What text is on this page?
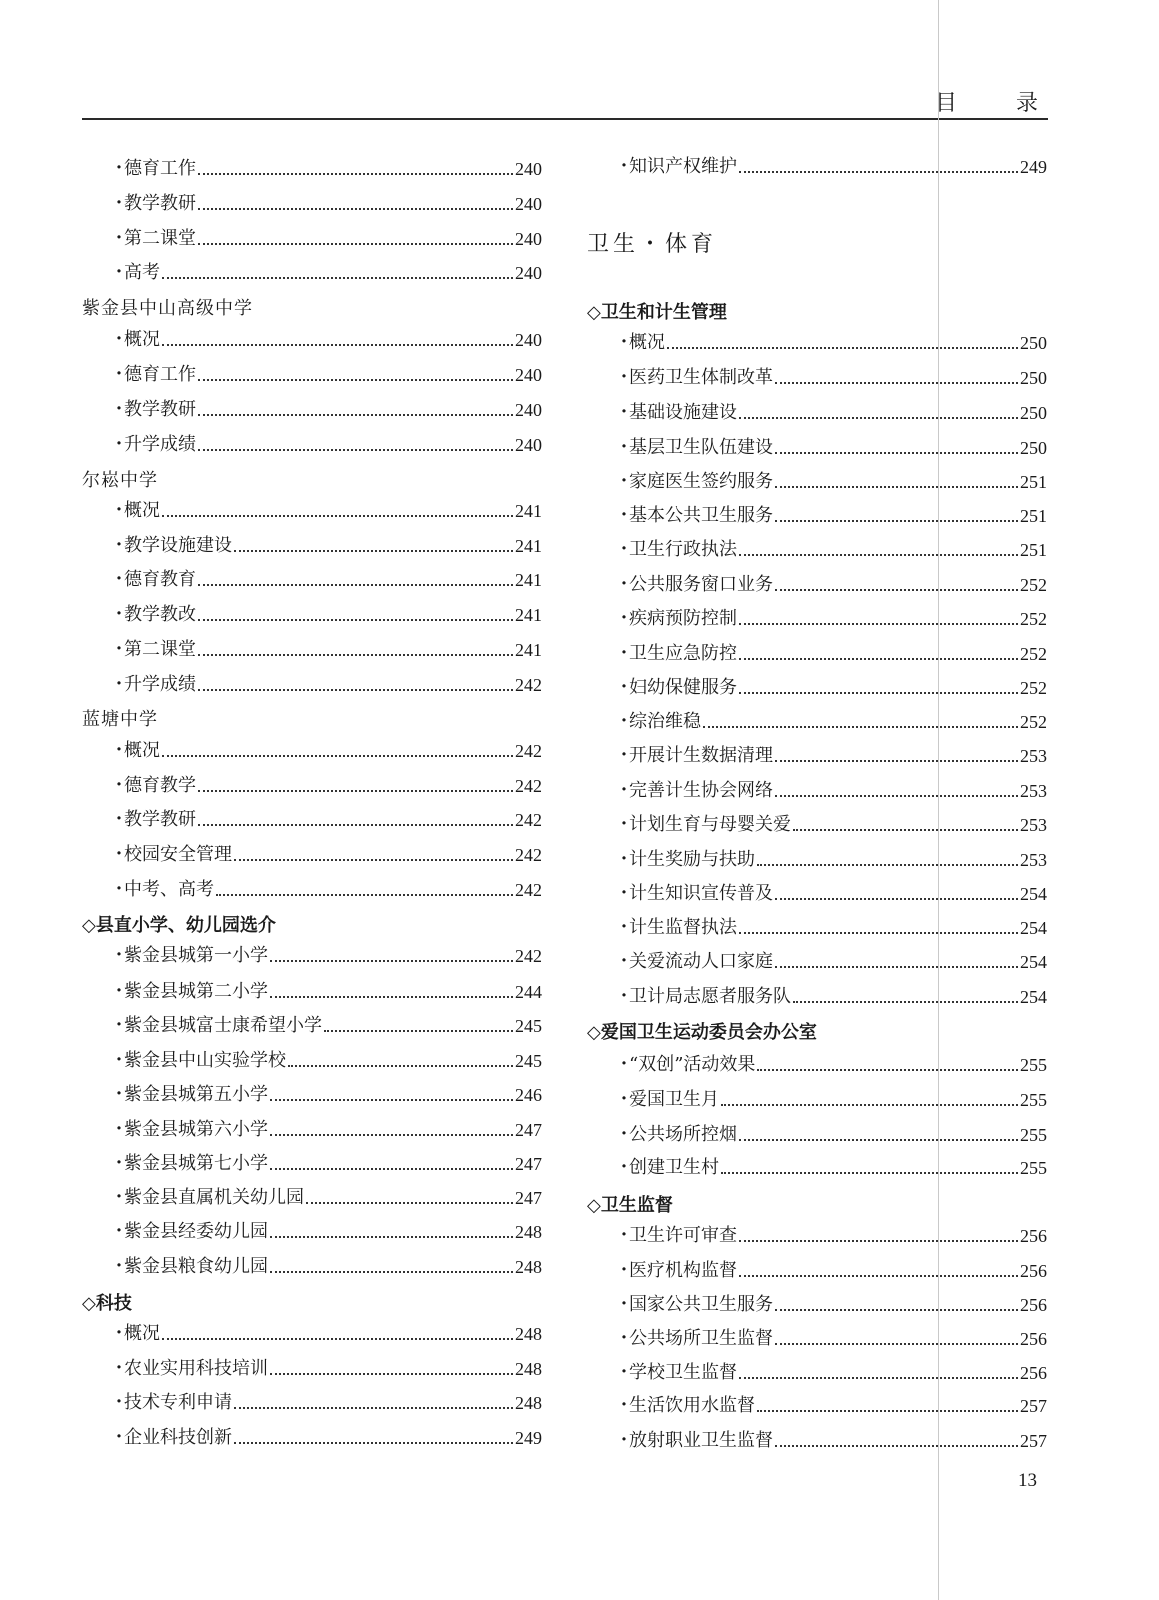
目 录
・
德育工作	240
・
教学教研	240
・
第二课堂	240
・
高考	240
紫金县中山高级中学
・
概况	240
・
德育工作	240
・
教学教研	240
・
升学成绩	240
尔崧中学
・
概况	241
・
教学设施建设	241
・
德育教育	241
・
教学教改	241
・
第二课堂	241
・
升学成绩	242
蓝塘中学
・
概况	242
・
德育教学	242
・
教学教研	242
・
校园安全管理	242
・
中考、高考	242
◇县直小学、幼儿园选介
・
紫金县城第一小学	242
・
紫金县城第二小学	244
・
紫金县城富士康希望小学	245
・
紫金县中山实验学校	245
・
紫金县城第五小学	246
・
紫金县城第六小学	247
・
紫金县城第七小学	247
・
紫金县直属机关幼儿园	247
・
紫金县经委幼儿园	248
・
紫金县粮食幼儿园	248
◇科技
・
概况	248
・
农业实用科技培训	248
・
技术专利申请	248
・
企业科技创新	249
・
知识产权维护	249
卫生・体育
◇卫生和计生管理
・
概况	250
・
医药卫生体制改革	250
・
基础设施建设	250
・
基层卫生队伍建设	250
・
家庭医生签约服务	251
・
基本公共卫生服务	251
・
卫生行政执法	251
・
公共服务窗口业务	252
・
疾病预防控制	252
・
卫生应急防控	252
・
妇幼保健服务	252
・
综治维稳	252
・
开展计生数据清理	253
・
完善计生协会网络	253
・
计划生育与母婴关爱	253
・
计生奖励与扶助	253
・
计生知识宣传普及	254
・
计生监督执法	254
・
关爱流动人口家庭	254
・
卫计局志愿者服务队	254
◇爱国卫生运动委员会办公室
・
“双创”活动效果	255
・
爱国卫生月	255
・
公共场所控烟	255
・
创建卫生村	255
◇卫生监督
・
卫生许可审查	256
・
医疗机构监督	256
・
国家公共卫生服务	256
・
公共场所卫生监督	256
・
学校卫生监督	256
・
生活饮用水监督	257
・
放射职业卫生监督	257
13
